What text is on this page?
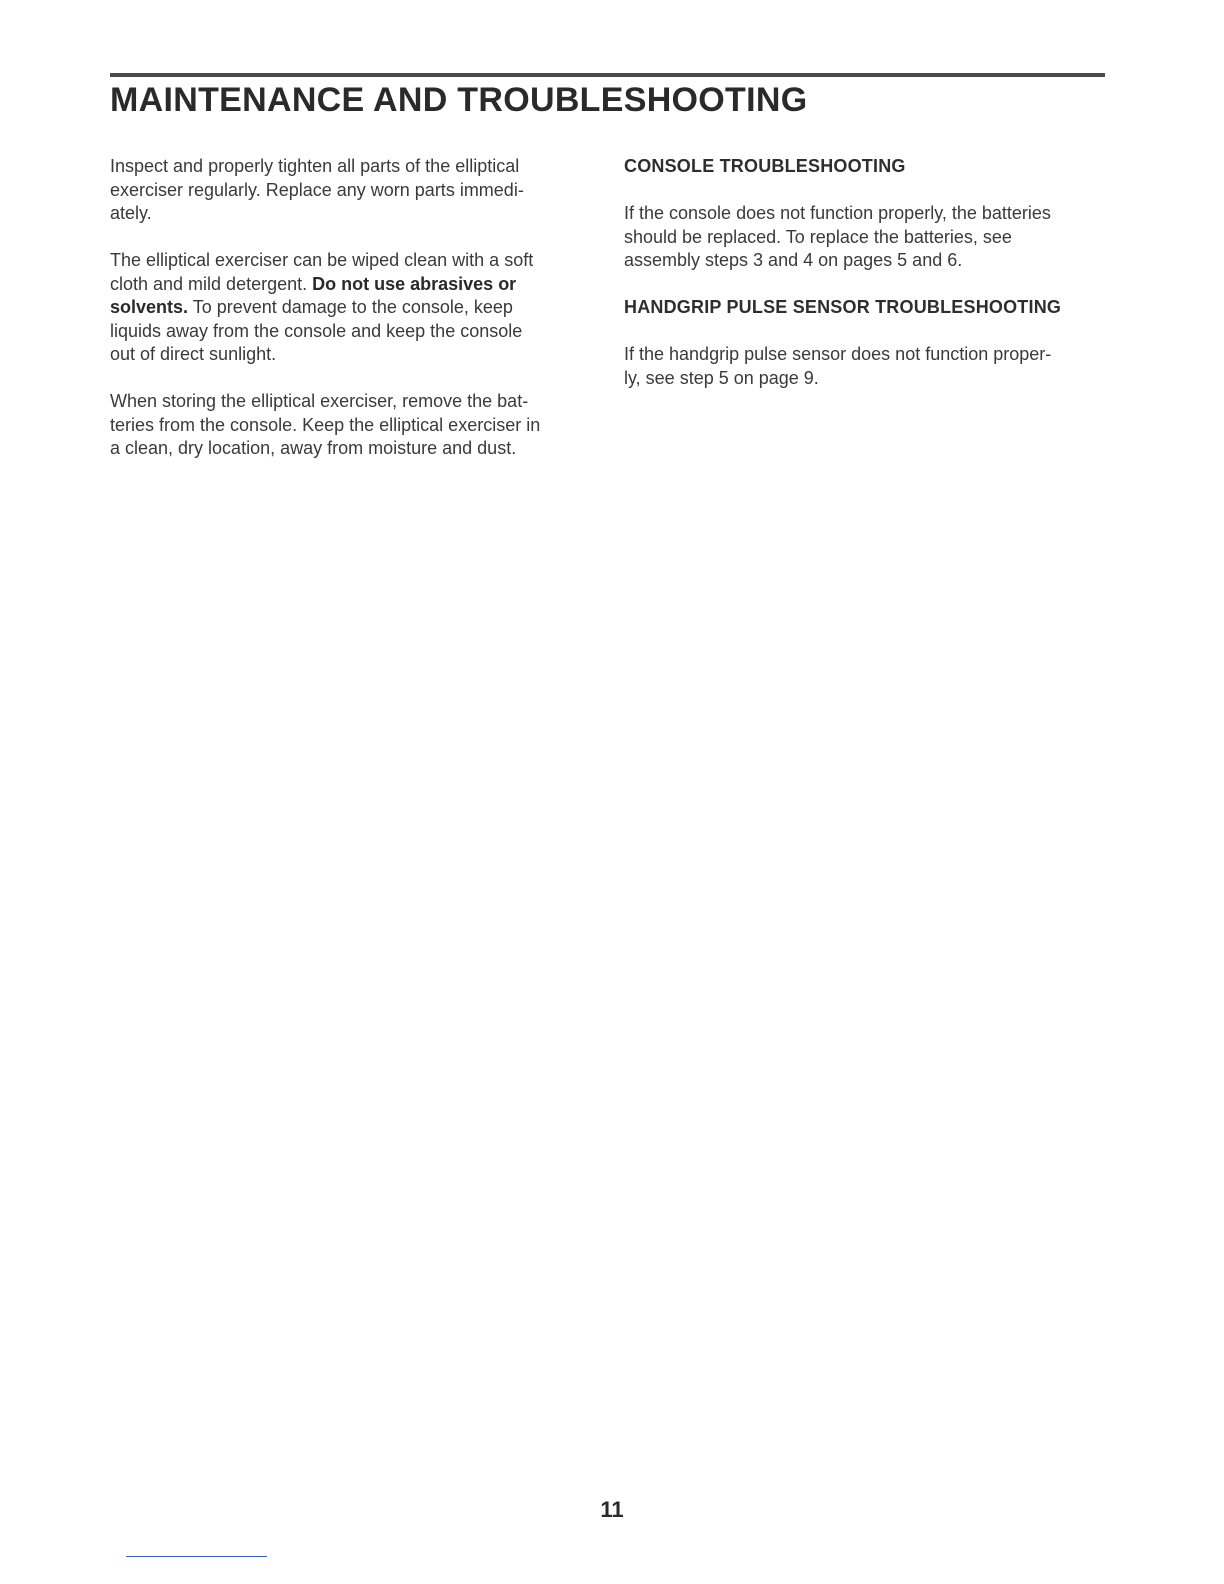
MAINTENANCE AND TROUBLESHOOTING

Inspect and properly tighten all parts of the elliptical
exerciser regularly. Replace any worn parts immedi-
ately.

The elliptical exerciser can be wiped clean with a soft
cloth and mild detergent. Do not use abrasives or
solvents. To prevent damage to the console, keep
liquids away from the console and keep the console
out of direct sunlight.

When storing the elliptical exerciser, remove the bat-
teries from the console. Keep the elliptical exerciser in
a clean, dry location, away from moisture and dust.

CONSOLE TROUBLESHOOTING

If the console does not function properly, the batteries
should be replaced. To replace the batteries, see
assembly steps 3 and 4 on pages 5 and 6.

HANDGRIP PULSE SENSOR TROUBLESHOOTING

If the handgrip pulse sensor does not function proper-
ly, see step 5 on page 9.

11
